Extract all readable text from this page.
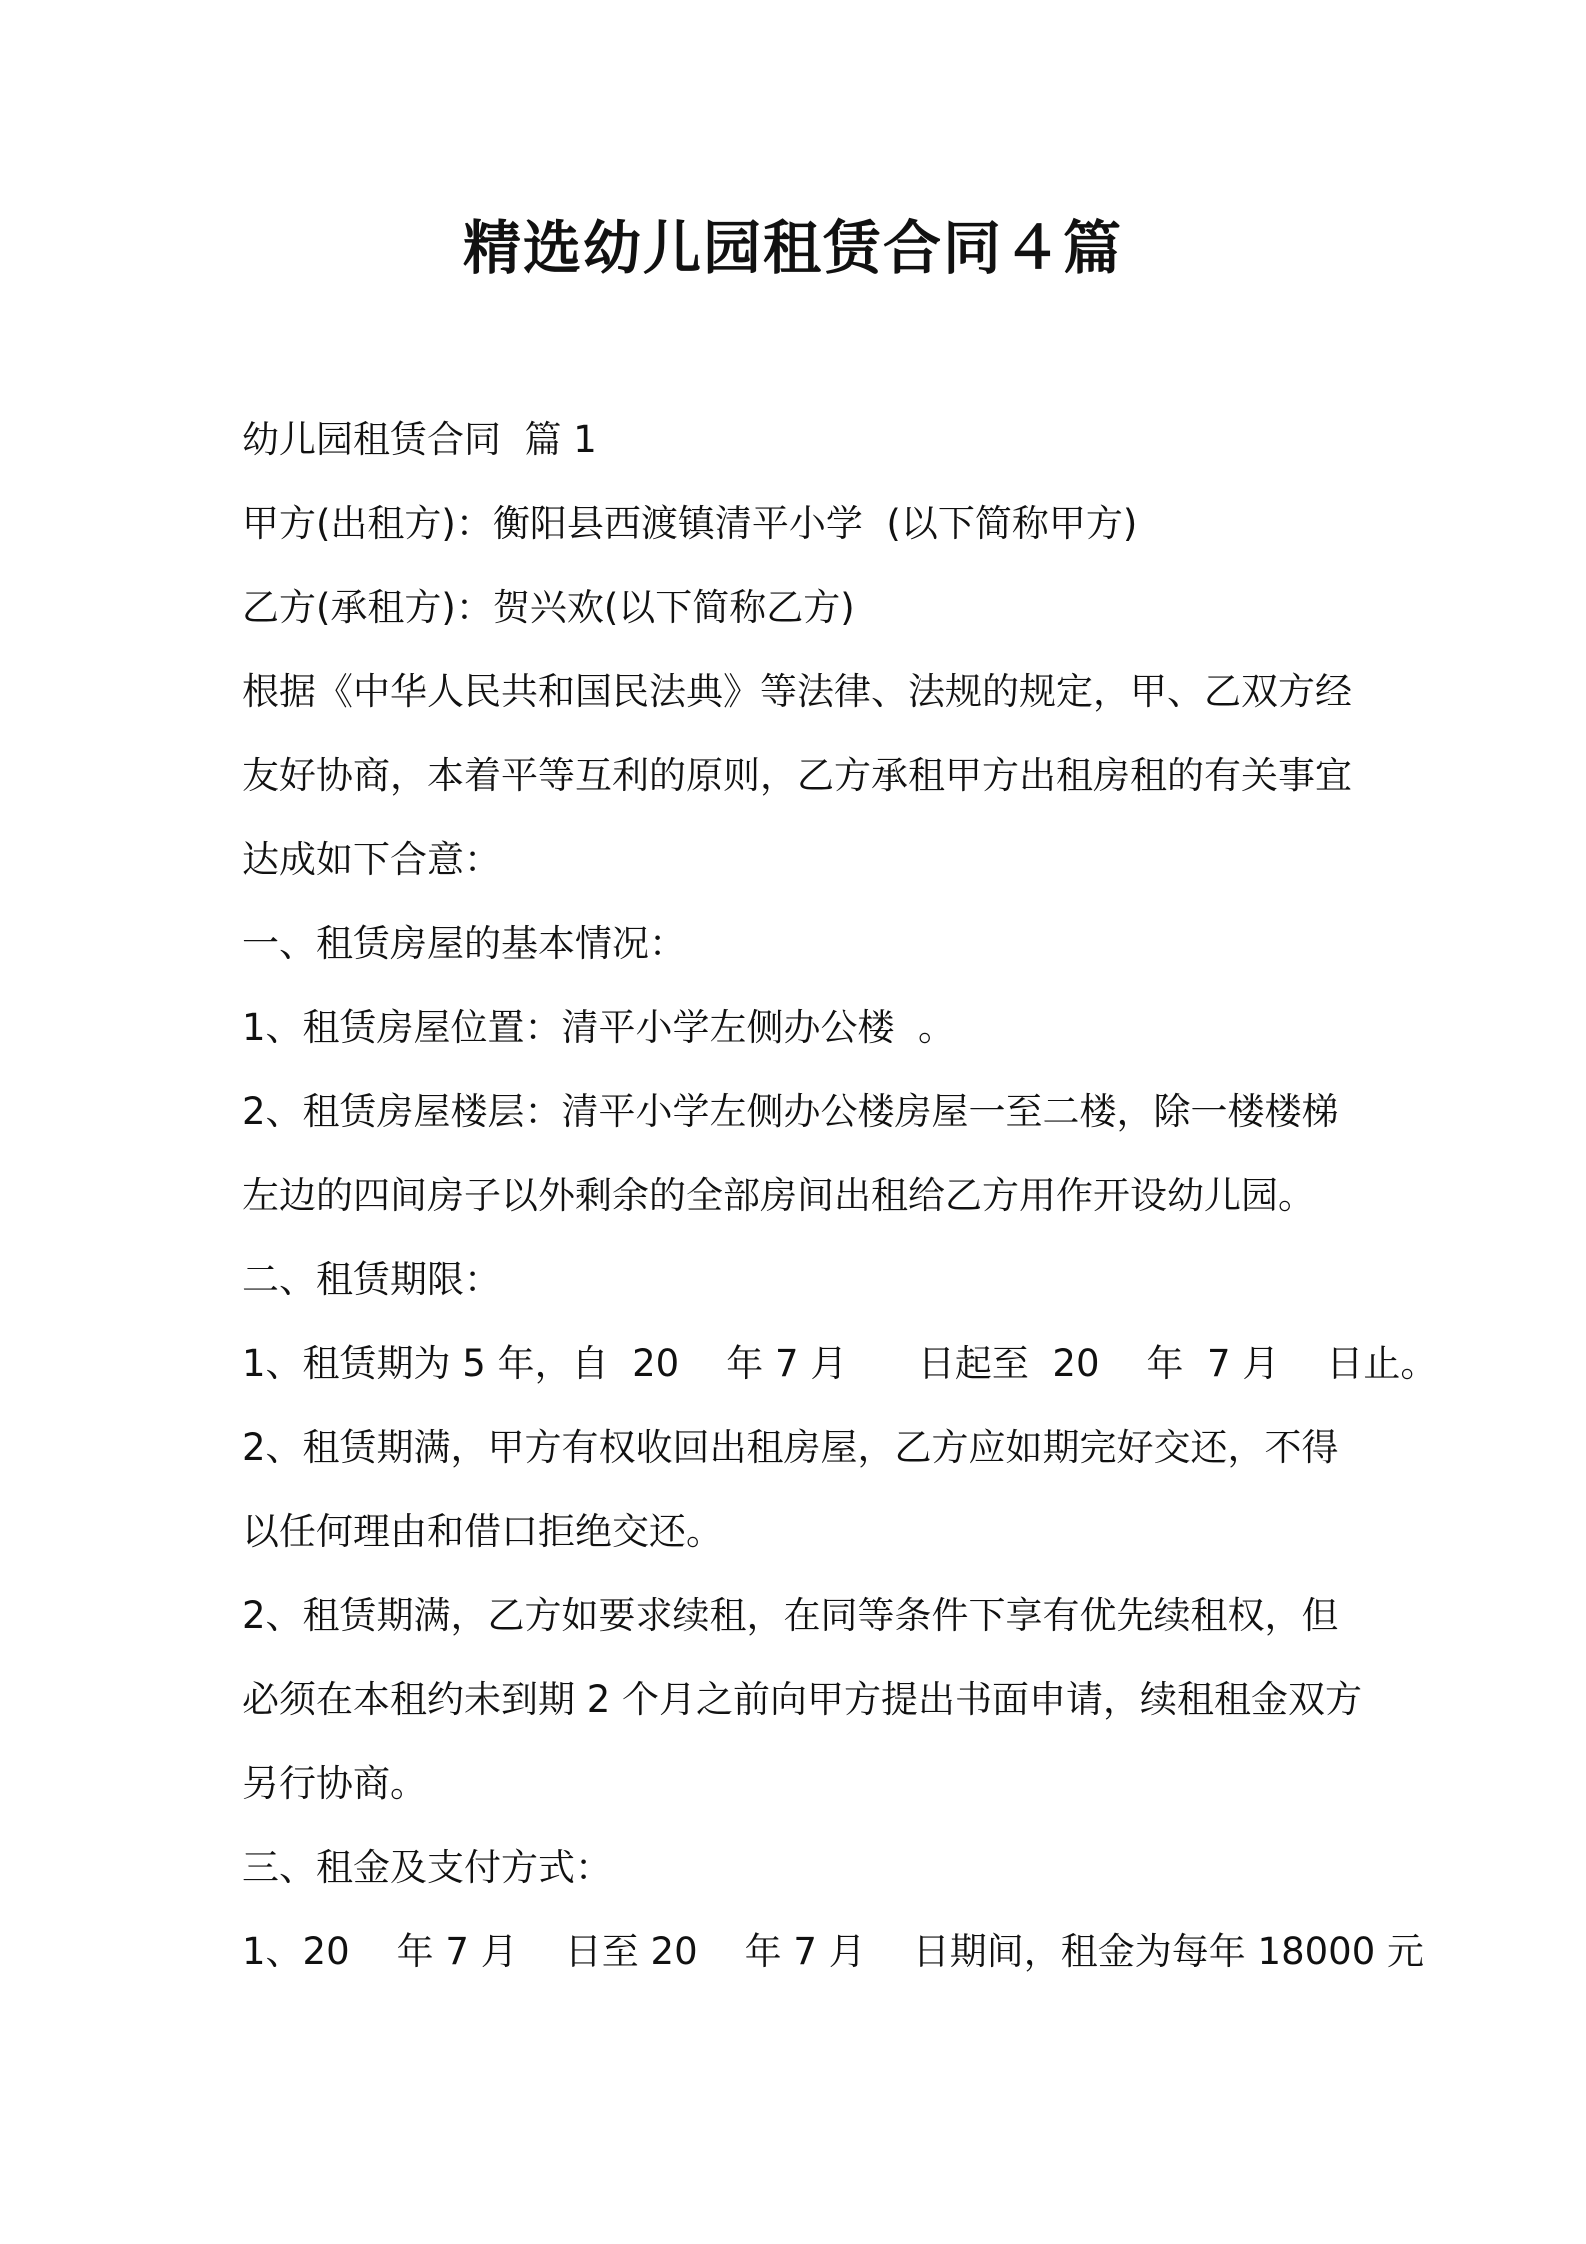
精选幼儿园租赁合同４篇

幼儿园租赁合同  篇 1

甲方(出租方)：衡阳县西渡镇清平小学  (以下简称甲方)

乙方(承租方)：贺兴欢(以下简称乙方)

根据《中华人民共和国民法典》等法律、法规的规定，甲、乙双方经

友好协商，本着平等互利的原则，乙方承租甲方出租房租的有关事宜

达成如下合意：

一、租赁房屋的基本情况：

1、租赁房屋位置：清平小学左侧办公楼  。

2、租赁房屋楼层：清平小学左侧办公楼房屋一至二楼，除一楼楼梯

左边的四间房子以外剩余的全部房间出租给乙方用作开设幼儿园。

二、租赁期限：

1、租赁期为 5 年，自  20    年 7 月      日起至  20    年  7 月    日止。

2、租赁期满，甲方有权收回出租房屋，乙方应如期完好交还，不得

以任何理由和借口拒绝交还。

2、租赁期满，乙方如要求续租，在同等条件下享有优先续租权，但

必须在本租约未到期 2 个月之前向甲方提出书面申请，续租租金双方

另行协商。

三、租金及支付方式：

1、20    年 7 月    日至 20    年 7 月    日期间，租金为每年 18000 元
